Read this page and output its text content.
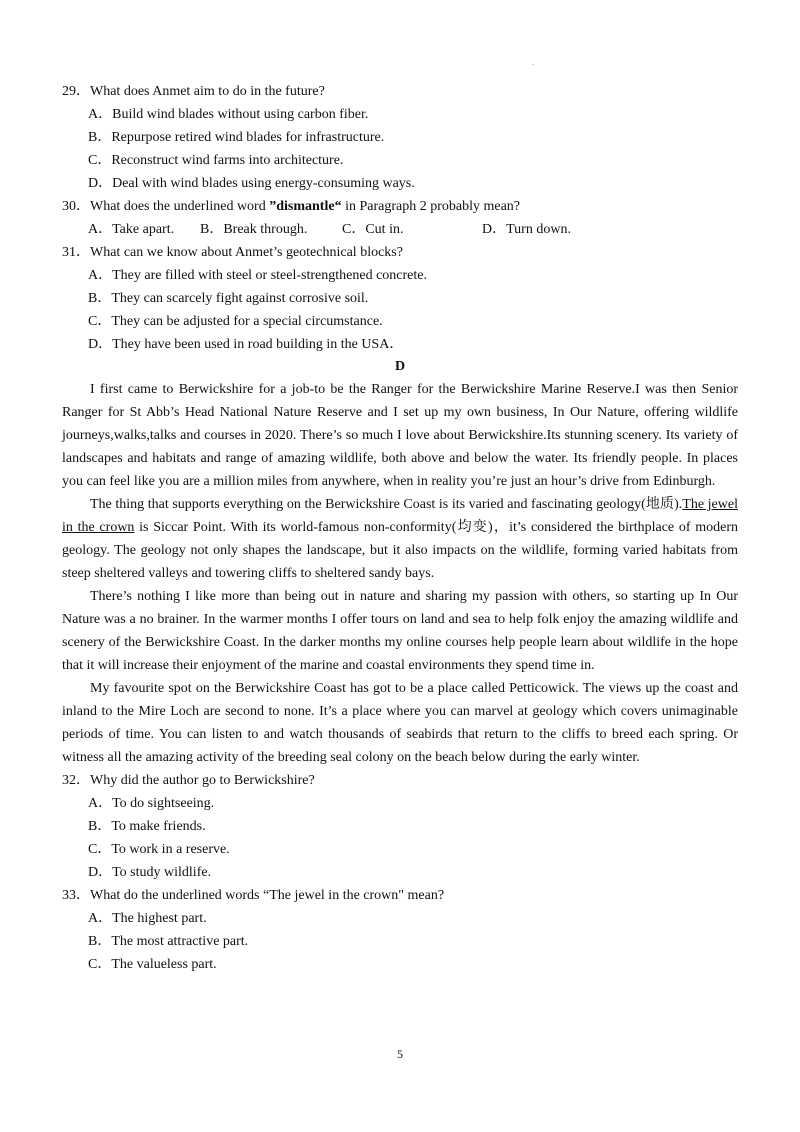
.

29．What does Anmet aim to do in the future?

A．Build wind blades without using carbon fiber.

B．Repurpose retired wind blades for infrastructure.

C．Reconstruct wind farms into architecture.

D．Deal with wind blades using energy-consuming ways.

30．What does the underlined word ”dismantle“ in Paragraph 2 probably mean?

A．Take apart. B．Break through. C．Cut in.	D．Turn down.

31．What can we know about Anmet’s geotechnical blocks?

A．They are filled with steel or steel-strengthened concrete.

B．They can scarcely fight against corrosive soil.

C．They can be adjusted for a special circumstance.

D．They have been used in road building in the USA．

D

I first came to Berwickshire for a job-to be the Ranger for the Berwickshire Marine Reserve.I was then Senior Ranger for St Abb’s Head National Nature Reserve and I set up my own business, In Our Nature, offering wildlife journeys,walks,talks and courses in 2020. There’s so much I love about Berwickshire.Its stunning scenery. Its variety of landscapes and habitats and range of amazing wildlife, both above and below the water. Its friendly people. In places you can feel like you are a million miles from anywhere, when in reality you’re just an hour’s drive from Edinburgh.

The thing that supports everything on the Berwickshire Coast is its varied and fascinating geology(地质).The jewel in the crown is Siccar Point. With its world-famous non-conformity(均变)，it’s considered the birthplace of modern geology. The geology not only shapes the landscape, but it also impacts on the wildlife, forming varied habitats from steep sheltered valleys and towering cliffs to sheltered sandy bays.

There’s nothing I like more than being out in nature and sharing my passion with others, so starting up In Our Nature was a no brainer. In the warmer months I offer tours on land and sea to help folk enjoy the amazing wildlife and scenery of the Berwickshire Coast. In the darker months my online courses help people learn about wildlife in the hope that it will increase their enjoyment of the marine and coastal environments they spend time in.

My favourite spot on the Berwickshire Coast has got to be a place called Petticowick. The views up the coast and inland to the Mire Loch are second to none. It’s a place where you can marvel at geology which covers unimaginable periods of time. You can listen to and watch thousands of seabirds that return to the cliffs to breed each spring. Or witness all the amazing activity of the breeding seal colony on the beach below during the early winter.

32．Why did the author go to Berwickshire?

A．To do sightseeing.

B．To make friends.

C．To work in a reserve.

D．To study wildlife.

33．What do the underlined words “The jewel in the crown" mean?

A．The highest part.

B．The most attractive part.

C．The valueless part.

5
